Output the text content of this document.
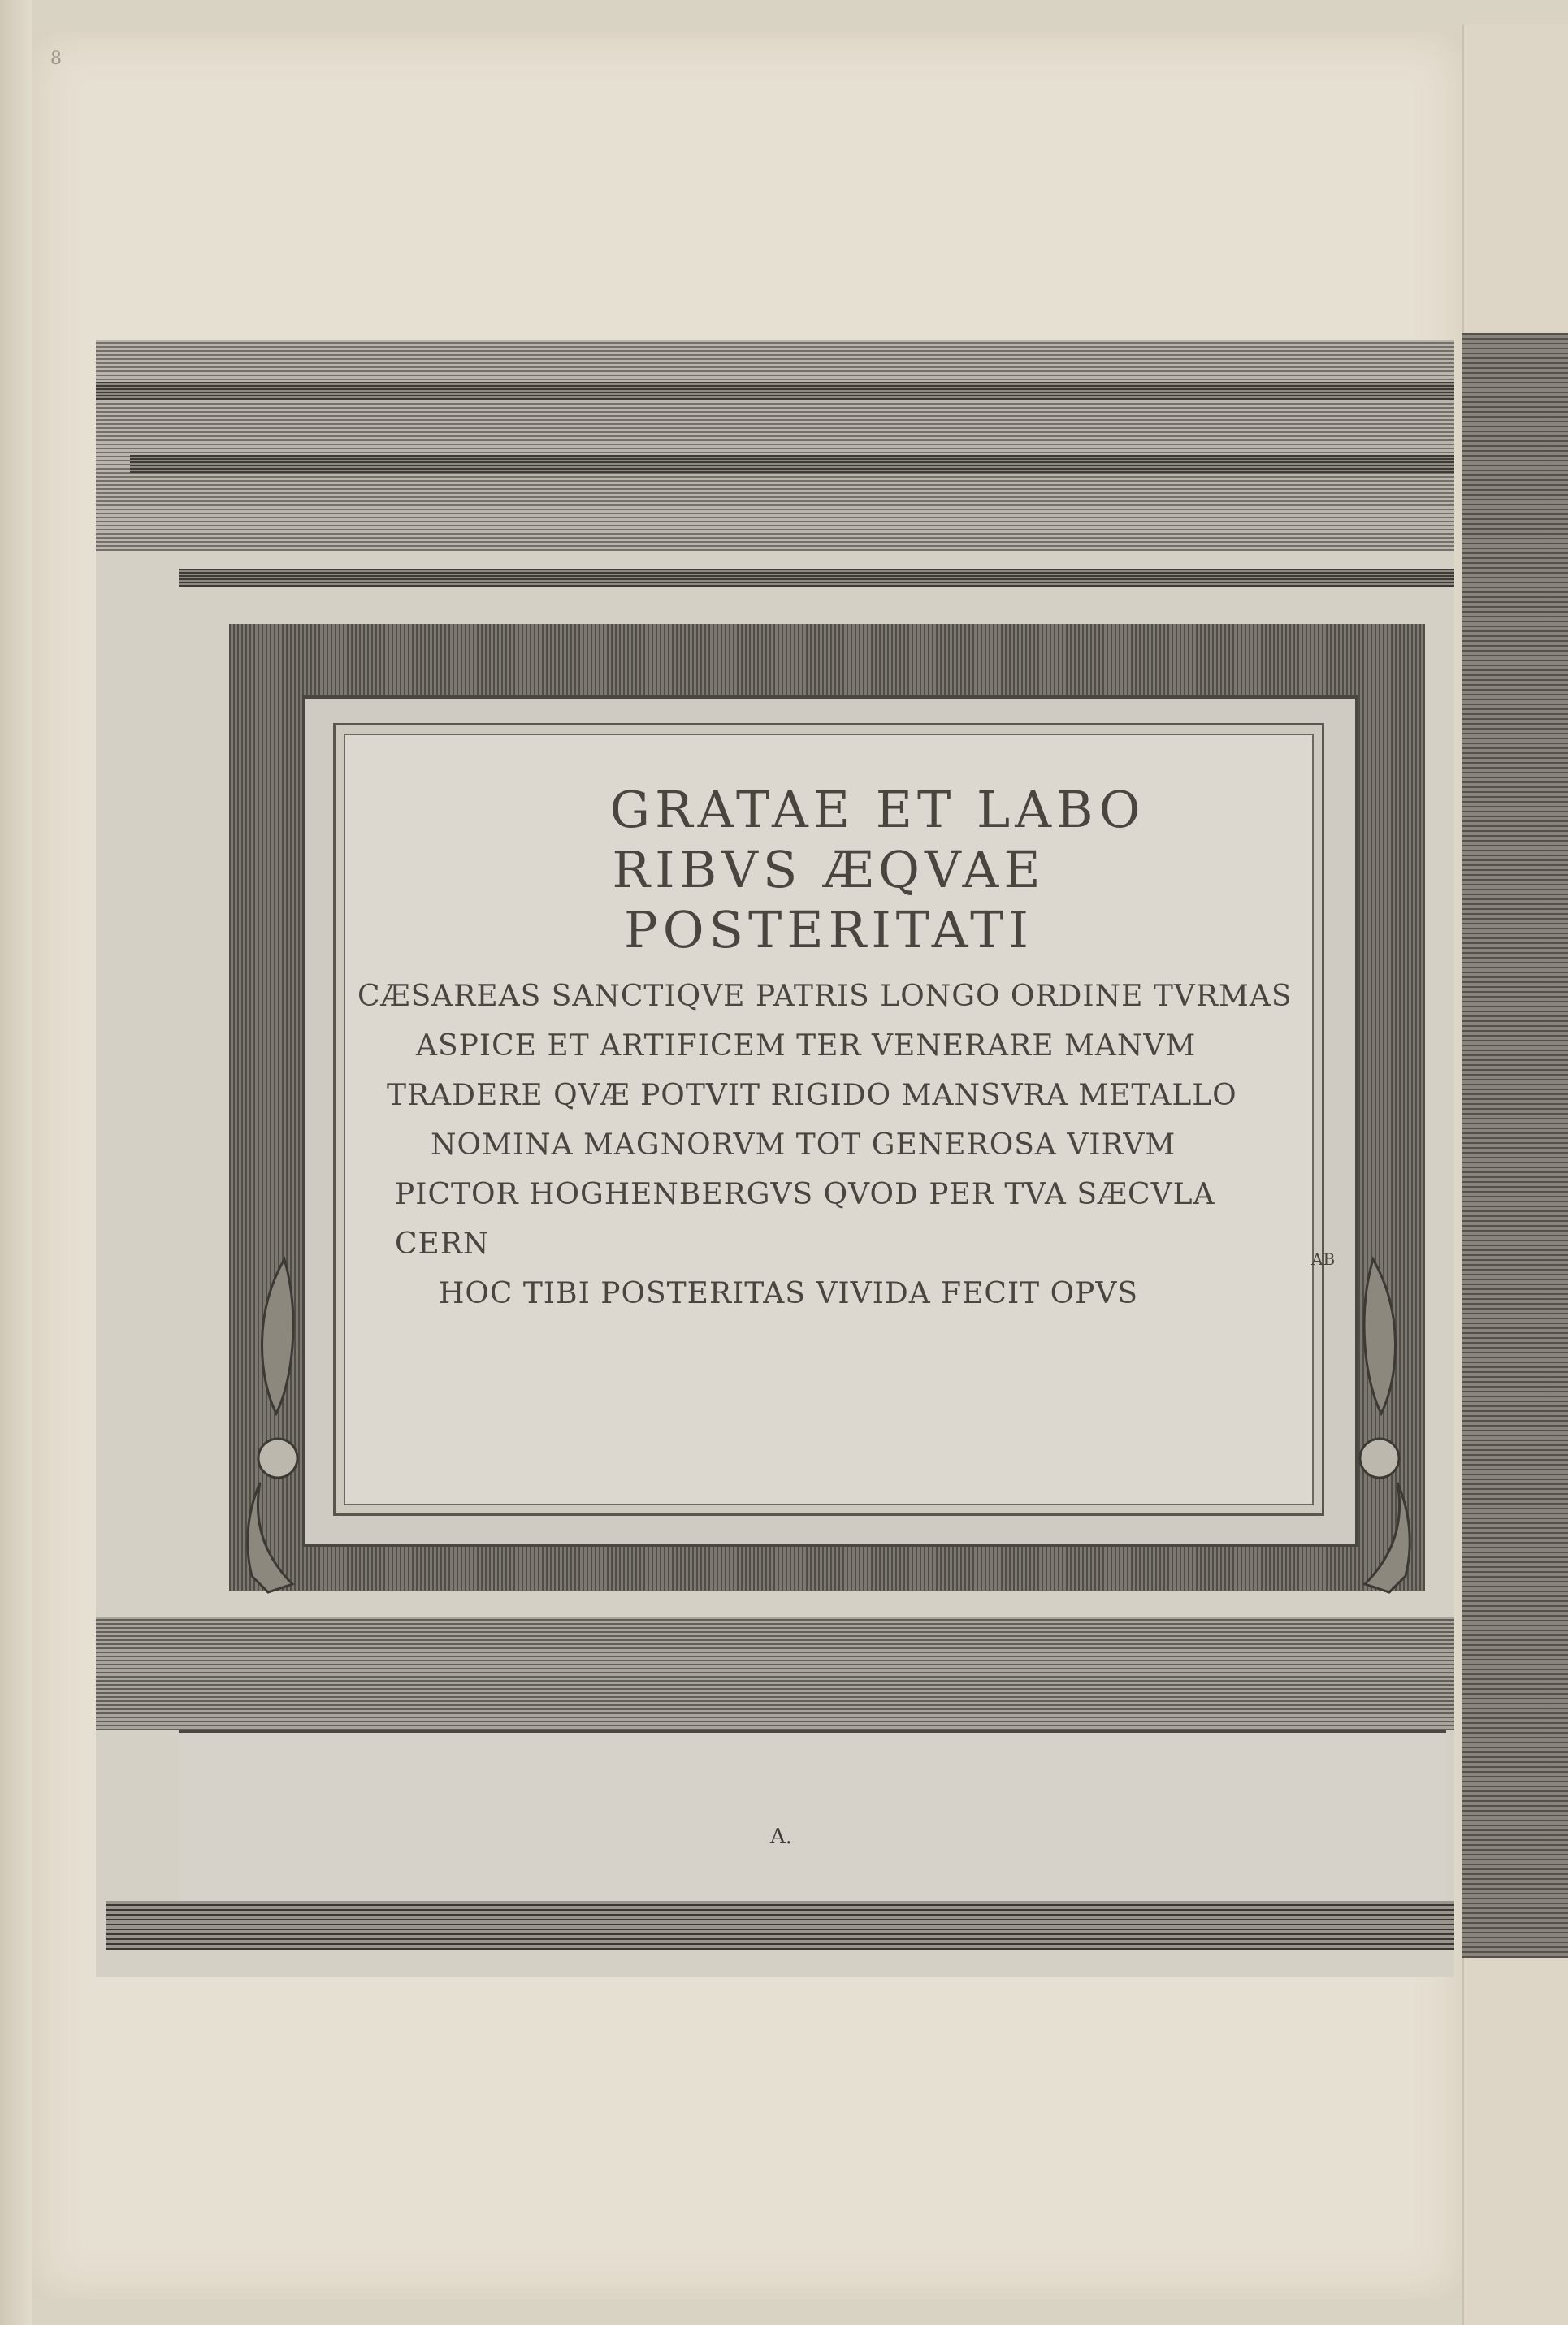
8

GRATAE ET LABO

RIBVS ÆQVAE

POSTERITATI

CÆSAREAS SANCTIQVE PATRIS LONGO ORDINE TVRMAS

ASPICE ET ARTIFICEM TER VENERARE MANVM

TRADERE QVÆ POTVIT RIGIDO MANSVRA METALLO

NOMINA MAGNORVM TOT GENEROSA VIRVM

PICTOR HOGHENBERGVS QVOD PER TVA SÆCVLA CERN

HOC TIBI POSTERITAS VIVIDA FECIT OPVS

AB
A.
